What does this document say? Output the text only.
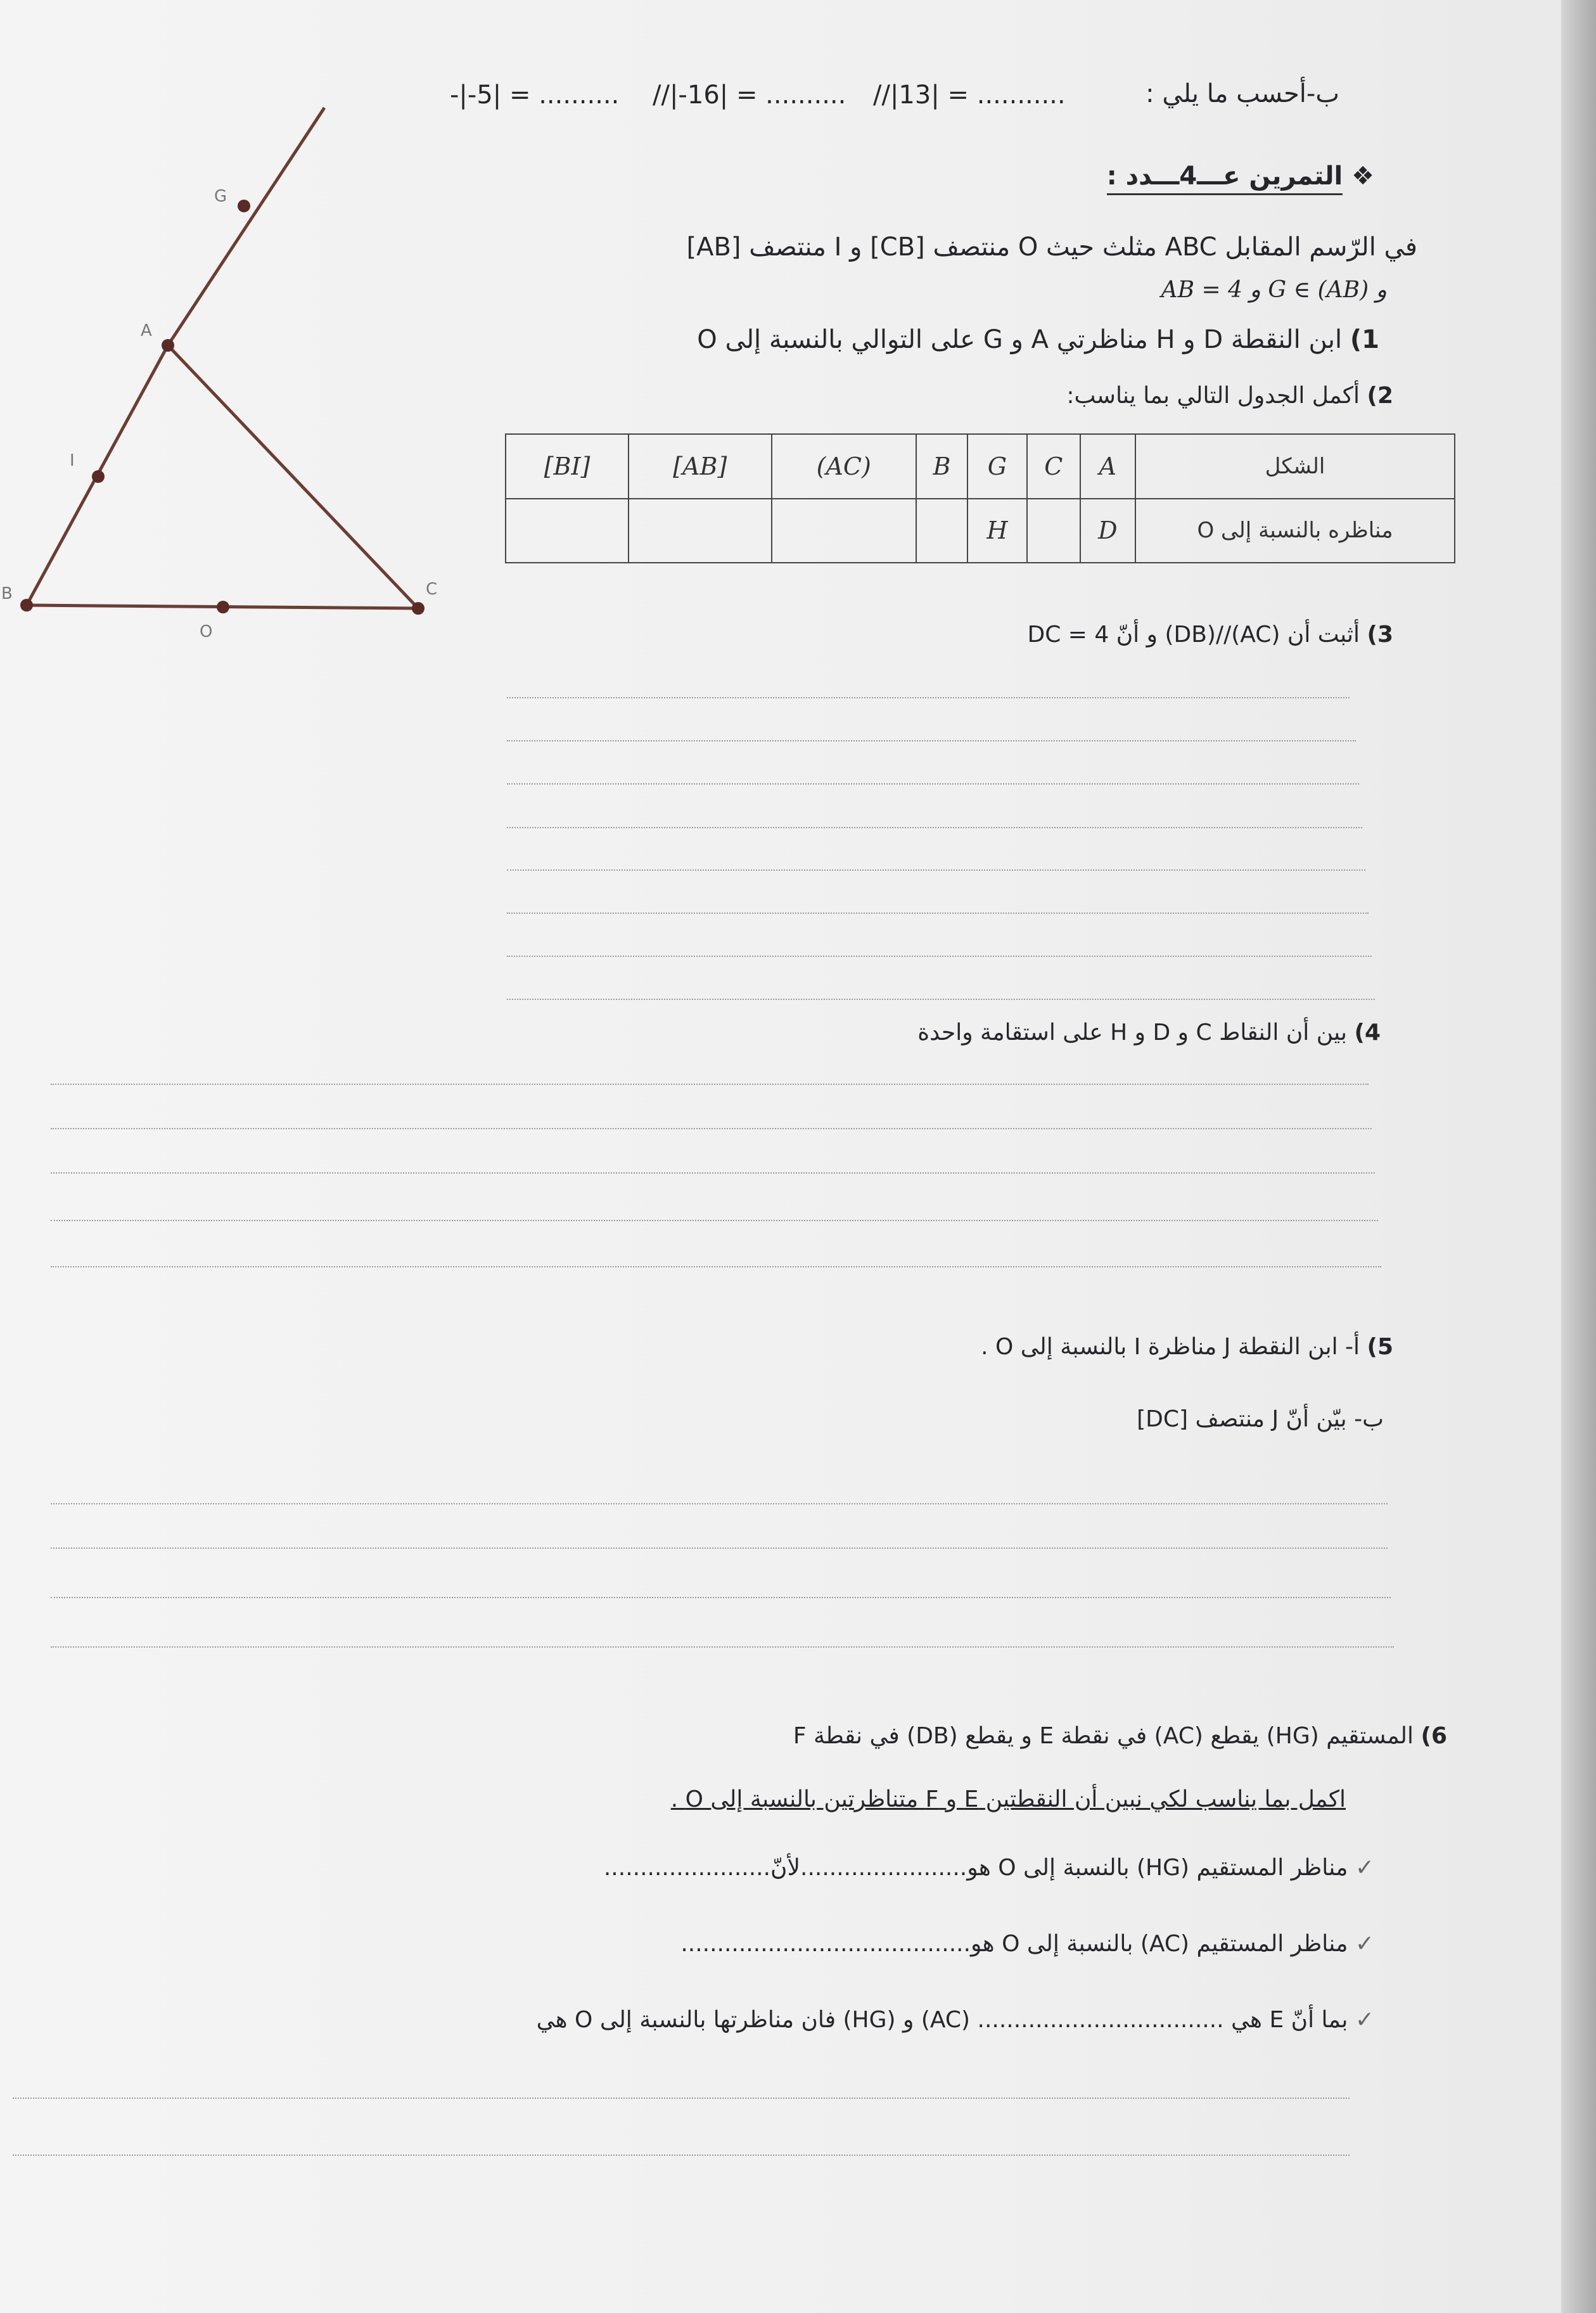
G
A
I
B
O
C
ب-أحسب ما يلي :
//|13| = ...........
//|-16| = ..........
-|-5| = ..........
❖ التمرين عـــ4ـــدد :
في الرّسم المقابل ABC مثلث حيث O منتصف [CB] و I منتصف [AB]
و G ∈ (AB) و AB = 4
1) ابن النقطة D و H مناظرتي A و G على التوالي بالنسبة إلى O
2) أكمل الجدول التالي بما يناسب:
الشكل	A	C	G	B	(AC)	[AB]	[BI]
مناظره بالنسبة إلى O	D		H				
3) أثبت أن (AC)//(DB) و أنّ DC = 4
4) بين أن النقاط C و D و H على استقامة واحدة
5) أ- ابن النقطة J مناظرة I بالنسبة إلى O .
ب- بيّن أنّ J منتصف [DC]
6) المستقيم (HG) يقطع (AC) في نقطة E و يقطع (DB) في نقطة F
اكمل بما يناسب لكي نبين أن النقطتين E و F متناظرتين بالنسبة إلى O .
✓ مناظر المستقيم (HG) بالنسبة إلى O هو.......................لأنّ.......................
✓ مناظر المستقيم (AC) بالنسبة إلى O هو........................................
✓ بما أنّ E هي .................................. (AC) و (HG) فان مناظرتها بالنسبة إلى O هي
